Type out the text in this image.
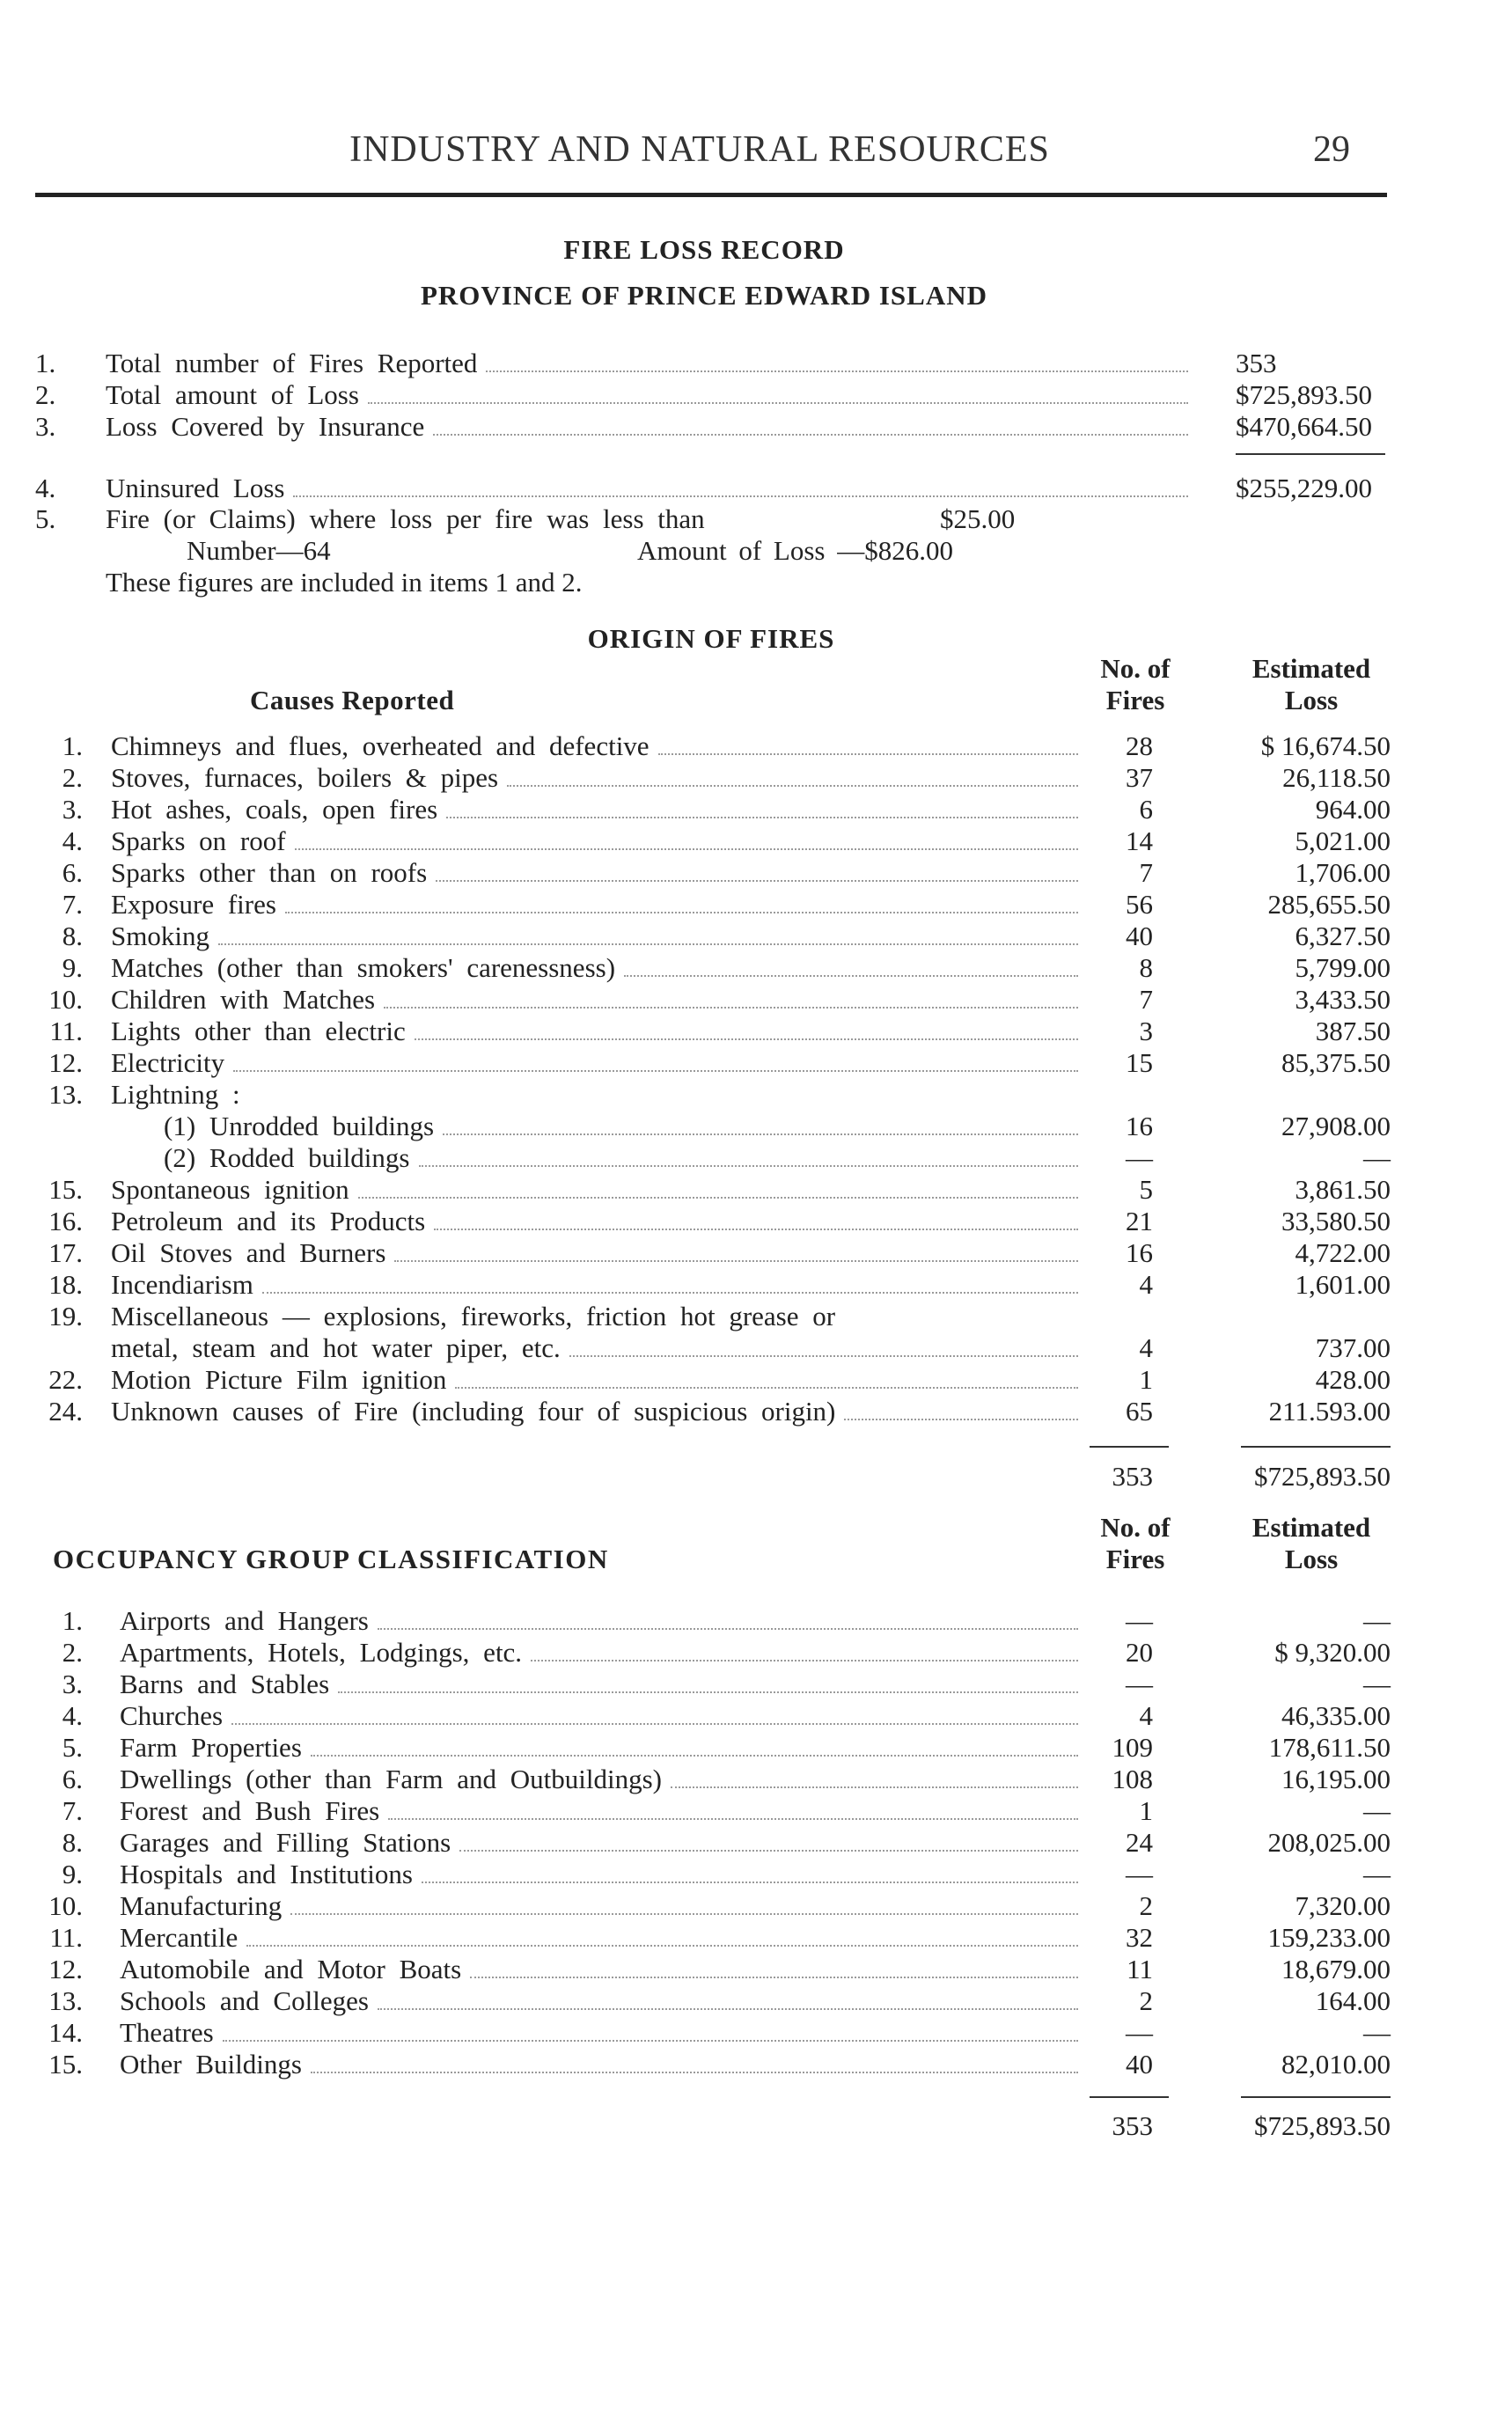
INDUSTRY AND NATURAL RESOURCES	29
FIRE LOSS RECORD
PROVINCE OF PRINCE EDWARD ISLAND
1.	Total number of Fires Reported	353
2.	Total amount of Loss	$725,893.50
3.	Loss Covered by Insurance	$470,664.50
4.	Uninsured Loss	$255,229.00
5.	Fire (or Claims) where loss per fire was less than	$25.00
Number—64	Amount of Loss —$826.00
These figures are included in items 1 and 2.
ORIGIN OF FIRES
No. of
Fires
Estimated
Loss
Causes Reported
1. Chimneys and flues, overheated and defective	28	$ 16,674.50
2. Stoves, furnaces, boilers & pipes	37	26,118.50
3. Hot ashes, coals, open fires	6	964.00
4. Sparks on roof	14	5,021.00
6. Sparks other than on roofs	7	1,706.00
7. Exposure fires	56	285,655.50
8. Smoking	40	6,327.50
9. Matches (other than smokers' carenessness)	8	5,799.00
10. Children with Matches	7	3,433.50
11. Lights other than electric	3	387.50
12. Electricity	15	85,375.50
13. Lightning :
(1) Unrodded buildings	16	27,908.00
(2) Rodded buildings	—	—
15. Spontaneous ignition	5	3,861.50
16. Petroleum and its Products	21	33,580.50
17. Oil Stoves and Burners	16	4,722.00
18. Incendiarism	4	1,601.00
19. Miscellaneous — explosions, fireworks, friction hot grease or
metal, steam and hot water piper, etc.	4	737.00
22. Motion Picture Film ignition	1	428.00
24. Unknown causes of Fire (including four of suspicious origin)	65	211.593.00
353	$725,893.50
No. of
Fires
Estimated
Loss
OCCUPANCY GROUP CLASSIFICATION
1. Airports and Hangers	—	—
2. Apartments, Hotels, Lodgings, etc.	20	$ 9,320.00
3. Barns and Stables	—	—
4. Churches	4	46,335.00
5. Farm Properties	109	178,611.50
6. Dwellings (other than Farm and Outbuildings)	108	16,195.00
7. Forest and Bush Fires	1	—
8. Garages and Filling Stations	24	208,025.00
9. Hospitals and Institutions	—	—
10. Manufacturing	2	7,320.00
11. Mercantile	32	159,233.00
12. Automobile and Motor Boats	11	18,679.00
13. Schools and Colleges	2	164.00
14. Theatres	—	—
15. Other Buildings	40	82,010.00
353	$725,893.50
